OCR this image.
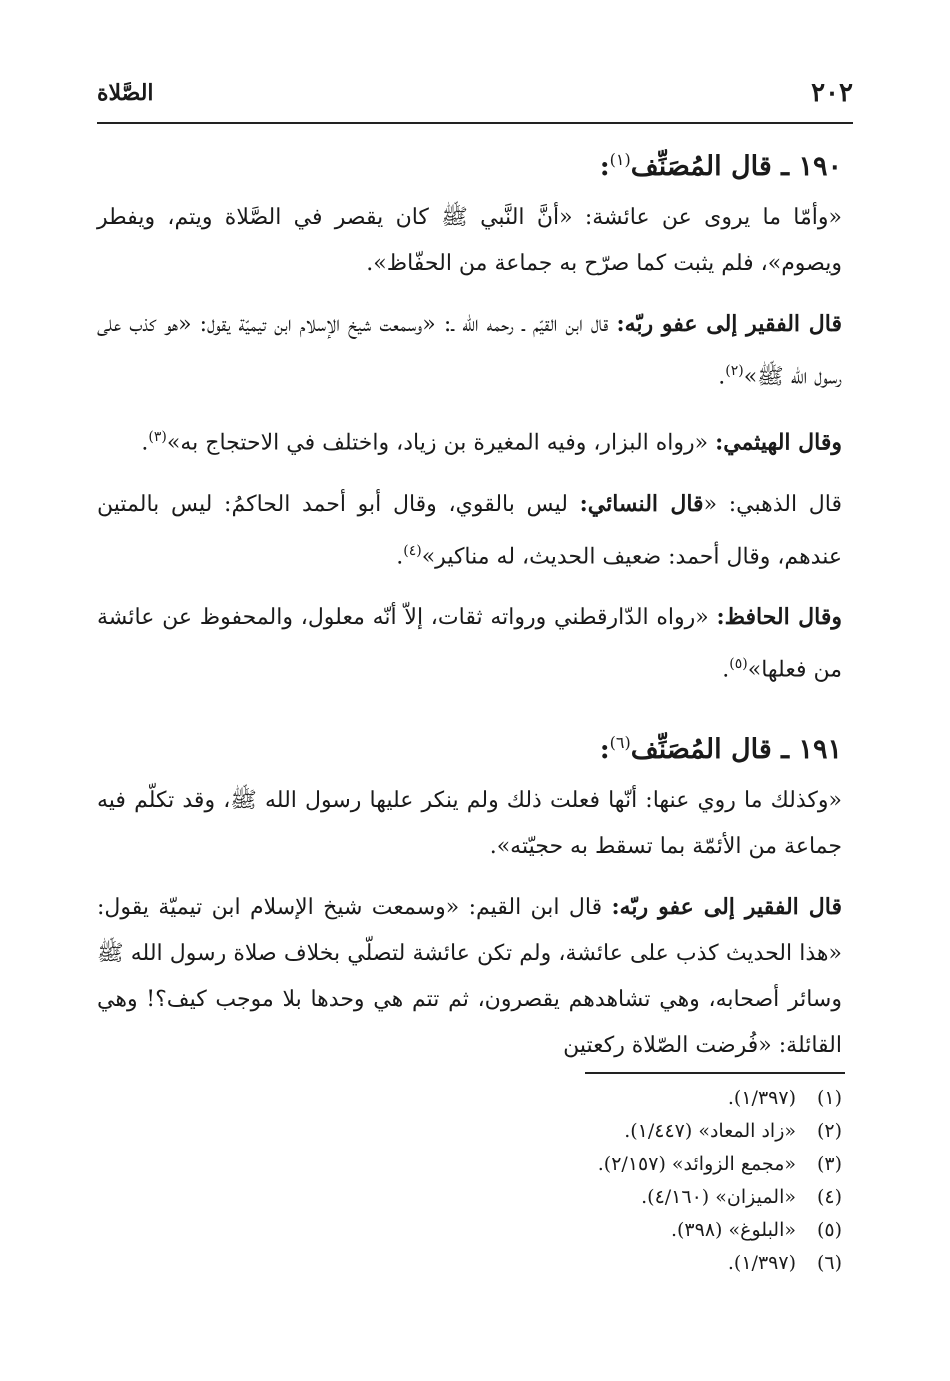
٢٠٢
الصَّلاة
١٩٠ ـ قال المُصَنِّف$^{(١)}$:

«وأمّا ما يروى عن عائشة: «أنَّ النَّبي ﷺ كان يقصر في الصَّلاة ويتم، ويفطر ويصوم»، فلم يثبت كما صرّح به جماعة من الحفّاظ».

قال الفقير إلى عفو ربّه: قال ابن القيّم ـ رحمه الله ـ: «وسمعت شيخ الإسلام ابن تيميّة يقول: «هو كذب على رسول الله ﷺ»$^{(٢)}$.

وقال الهيثمي: «رواه البزار، وفيه المغيرة بن زياد، واختلف في الاحتجاج به»$^{(٣)}$.

قال الذهبي: «قال النسائي: ليس بالقوي، وقال أبو أحمد الحاكمُ: ليس بالمتين عندهم، وقال أحمد: ضعيف الحديث، له مناكير»$^{(٤)}$.

وقال الحافظ: «رواه الدّارقطني ورواته ثقات، إلاّ أنّه معلول، والمحفوظ عن عائشة من فعلها»$^{(٥)}$.

١٩١ ـ قال المُصَنِّف$^{(٦)}$:

«وكذلك ما روي عنها: أنّها فعلت ذلك ولم ينكر عليها رسول الله ﷺ، وقد تكلّم فيه جماعة من الأئمّة بما تسقط به حجيّته».

قال الفقير إلى عفو ربّه: قال ابن القيم: «وسمعت شيخ الإسلام ابن تيميّة يقول: «هذا الحديث كذب على عائشة، ولم تكن عائشة لتصلّي بخلاف صلاة رسول الله ﷺ وسائر أصحابه، وهي تشاهدهم يقصرون، ثم تتم هي وحدها بلا موجب كيف؟! وهي القائلة: «فُرضت الصّلاة ركعتين

(١)
(١/٣٩٧).
(٢)
«زاد المعاد» (١/٤٤٧).
(٣)
«مجمع الزوائد» (٢/١٥٧).
(٤)
«الميزان» (٤/١٦٠).
(٥)
«البلوغ» (٣٩٨).
(٦)
(١/٣٩٧).
